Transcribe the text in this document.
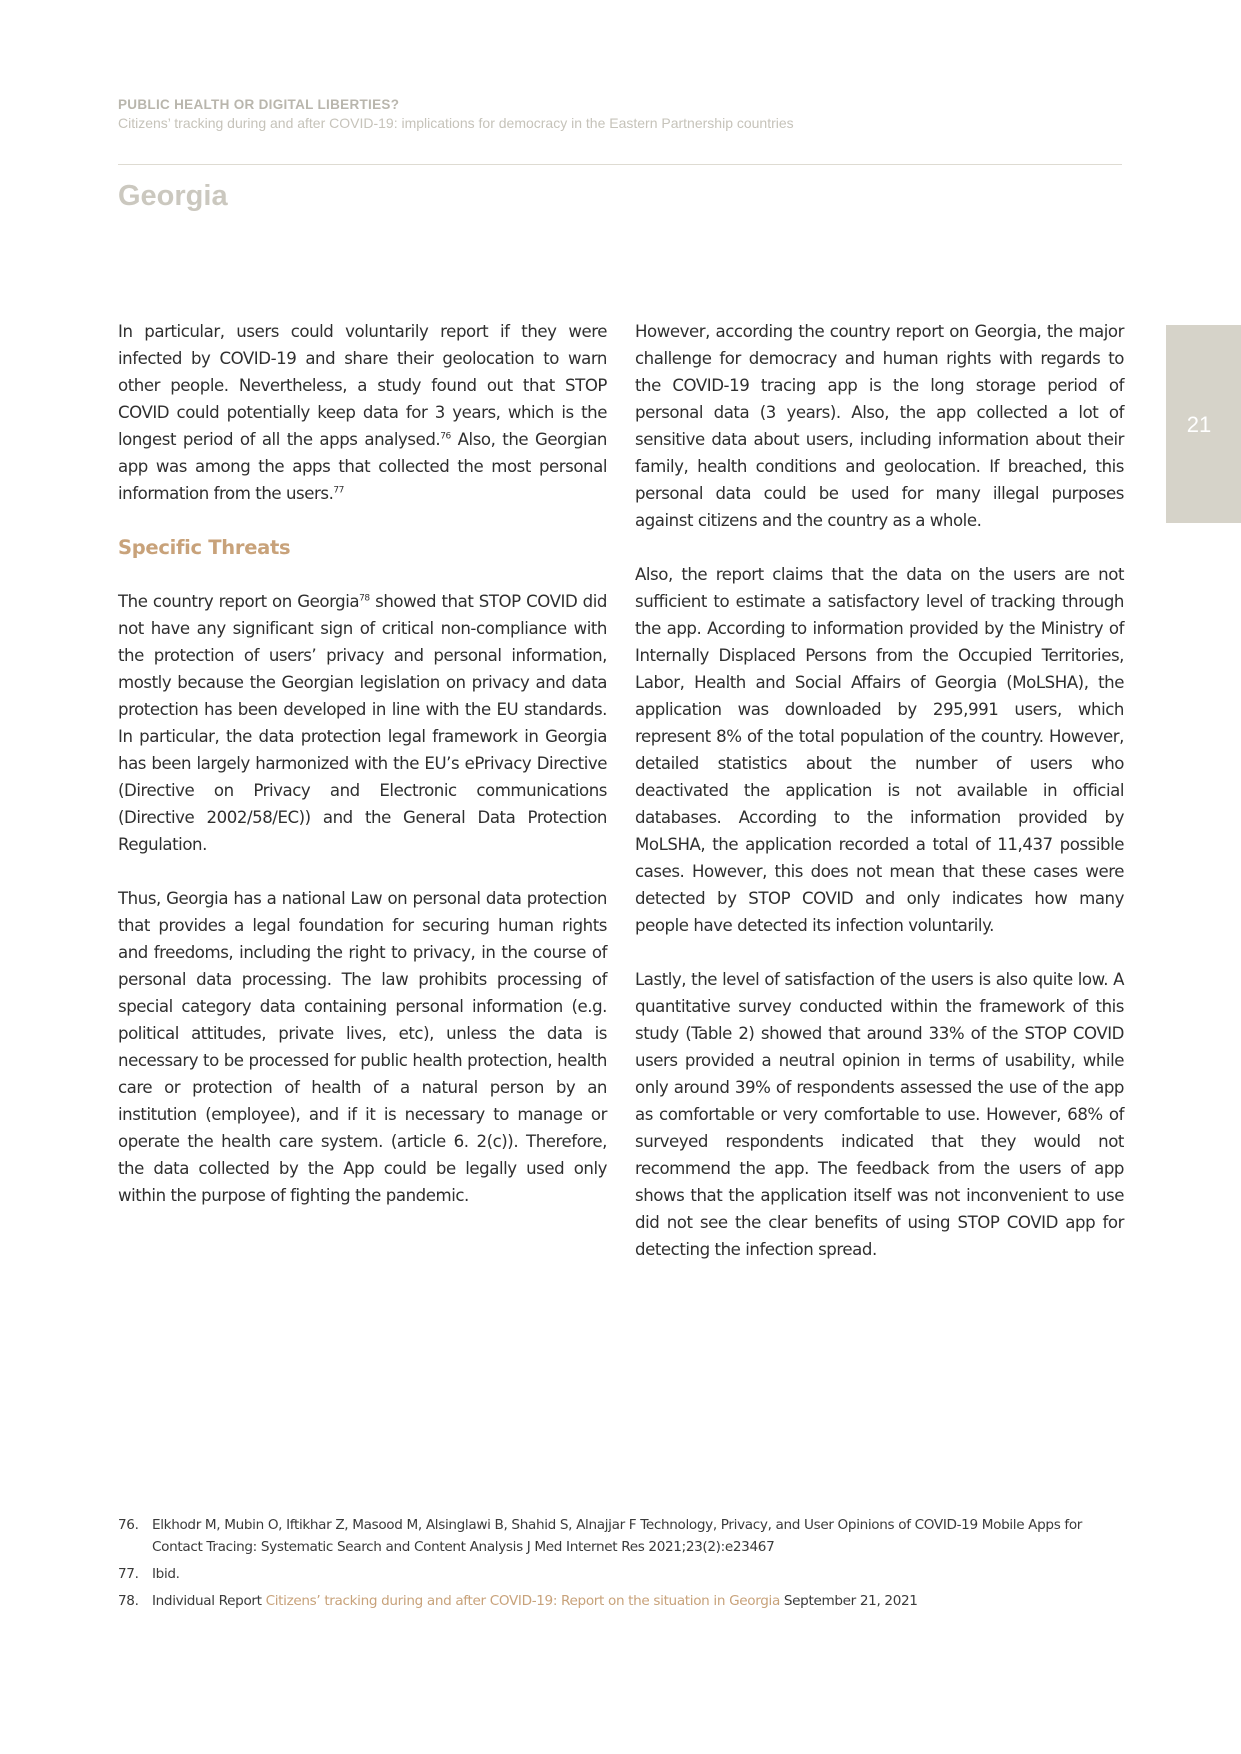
PUBLIC HEALTH OR DIGITAL LIBERTIES?
Citizens’ tracking during and after COVID-19: implications for democracy in the Eastern Partnership countries
Georgia
21

In particular, users could voluntarily report if they were infected by COVID-19 and share their geolocation to warn other people. Nevertheless, a study found out that STOP COVID could potentially keep data for 3 years, which is the longest period of all the apps analysed.$^{76}$ Also, the Georgian app was among the apps that collected the most personal information from the users.$^{77}$

Specific Threats

The country report on Georgia$^{78}$ showed that STOP COVID did not have any significant sign of critical non-compliance with the protection of users’ privacy and personal information, mostly because the Georgian legislation on privacy and data protection has been developed in line with the EU standards. In particular, the data protection legal framework in Georgia has been largely harmonized with the EU’s ePrivacy Directive (Directive on Privacy and Electronic communications (Directive 2002/58/EC)) and the General Data Protection Regulation.

Thus, Georgia has a national Law on personal data protection that provides a legal foundation for securing human rights and freedoms, including the right to privacy, in the course of personal data processing. The law prohibits processing of special category data containing personal information (e.g. political attitudes, private lives, etc), unless the data is necessary to be processed for public health protection, health care or protection of health of a natural person by an institution (employee), and if it is necessary to manage or operate the health care system. (article 6. 2(c)). Therefore, the data collected by the App could be legally used only within the purpose of fighting the pandemic.

However, according the country report on Georgia, the major challenge for democracy and human rights with regards to the COVID-19 tracing app is the long storage period of personal data (3 years). Also, the app collected a lot of sensitive data about users, including information about their family, health conditions and geolocation. If breached, this personal data could be used for many illegal purposes against citizens and the country as a whole.

Also, the report claims that the data on the users are not sufficient to estimate a satisfactory level of tracking through the app. According to information provided by the Ministry of Internally Displaced Persons from the Occupied Territories, Labor, Health and Social Affairs of Georgia (MoLSHA), the application was downloaded by 295,991 users, which represent 8% of the total population of the country. However, detailed statistics about the number of users who deactivated the application is not available in official databases. According to the information provided by MoLSHA, the application recorded a total of 11,437 possible cases. However, this does not mean that these cases were detected by STOP COVID and only indicates how many people have detected its infection voluntarily.

Lastly, the level of satisfaction of the users is also quite low. A quantitative survey conducted within the framework of this study (Table 2) showed that around 33% of the STOP COVID users provided a neutral opinion in terms of usability, while only around 39% of respondents assessed the use of the app as comfortable or very comfortable to use. However, 68% of surveyed respondents indicated that they would not recommend the app. The feedback from the users of app shows that the application itself was not inconvenient to use did not see the clear benefits of using STOP COVID app for detecting the infection spread.

76. Elkhodr M, Mubin O, Iftikhar Z, Masood M, Alsinglawi B, Shahid S, Alnajjar F Technology, Privacy, and User Opinions of COVID-19 Mobile Apps for Contact Tracing: Systematic Search and Content Analysis J Med Internet Res 2021;23(2):e23467
77. Ibid.
78. Individual Report Citizens’ tracking during and after COVID-19: Report on the situation in Georgia September 21, 2021
